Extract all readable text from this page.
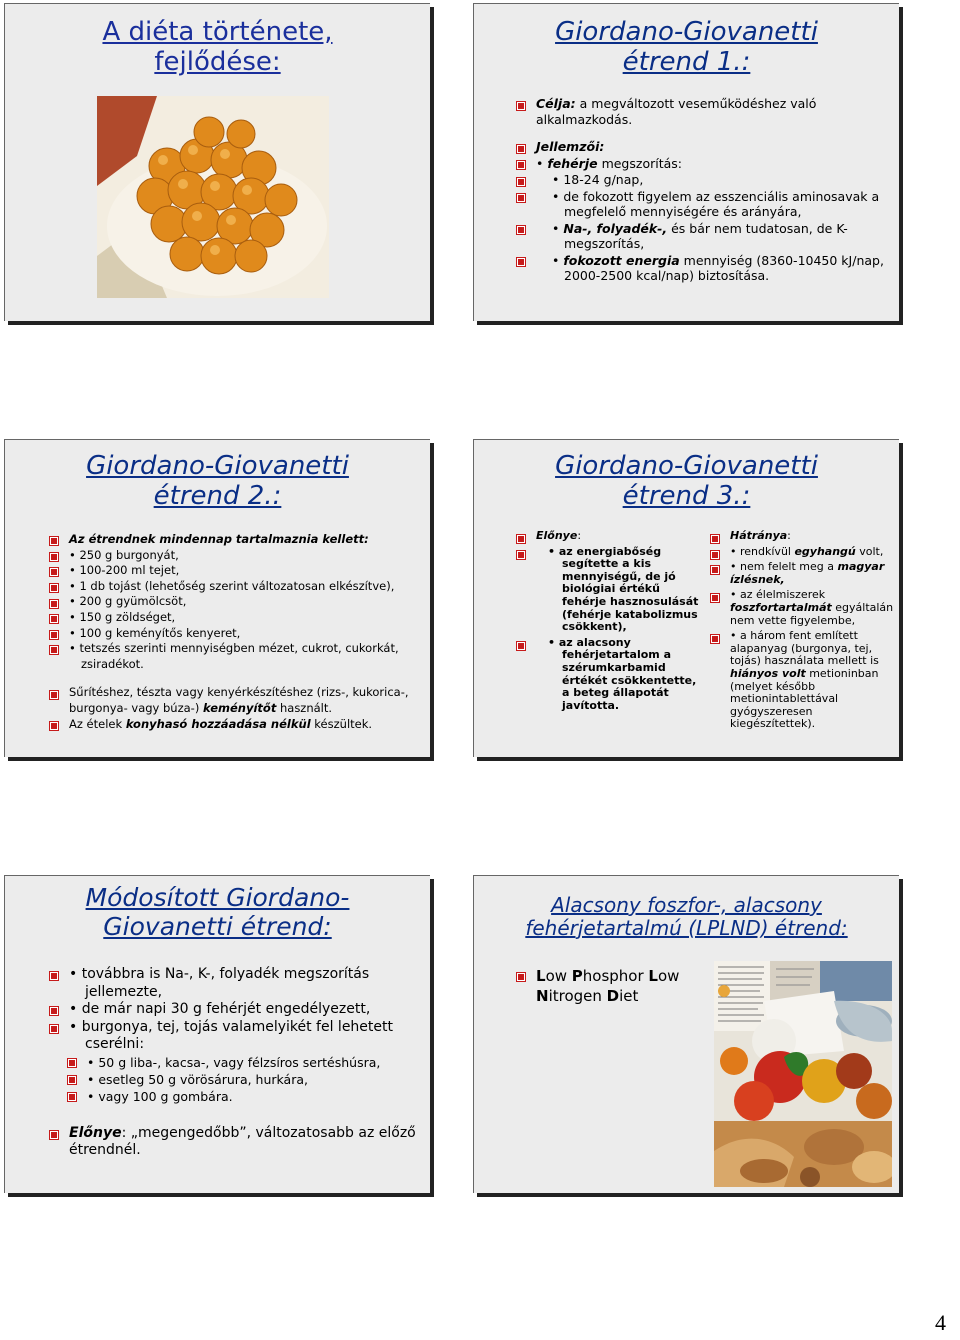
A diéta története,
fejlődése:
Giordano-Giovanetti
étrend 1.:
Célja: a megváltozott veseműködéshez való alkalmazkodás.
Jellemzői:
• fehérje megszorítás:
• 18-24 g/nap,
• de fokozott figyelem az esszenciális aminosavak a megfelelő mennyiségére és arányára,
• Na-, folyadék-, és bár nem tudatosan, de K-megszorítás,
• fokozott energia mennyiség (8360-10450 kJ/nap, 2000-2500 kcal/nap) biztosítása.
Giordano-Giovanetti
étrend 2.:
Az étrendnek mindennap tartalmaznia kellett:
• 250 g burgonyát,
• 100-200 ml tejet,
• 1 db tojást (lehetőség szerint változatosan elkészítve),
• 200 g gyümölcsöt,
• 150 g zöldséget,
• 100 g keményítős kenyeret,
• tetszés szerinti mennyiségben mézet, cukrot, cukorkát, zsiradékot.
Sűrítéshez, tészta vagy kenyérkészítéshez (rizs-, kukorica-, burgonya- vagy búza-) keményítőt használt.
Az ételek konyhasó hozzáadása nélkül készültek.
Giordano-Giovanetti
étrend 3.:
Előnye:
• az energiabőség segítette a kis mennyiségű, de jó biológiai értékű fehérje hasznosulását (fehérje katabolizmus csökkent),
• az alacsony fehérjetartalom a szérumkarbamid értékét csökkentette, a beteg állapotát javította.
Hátránya:
• rendkívül egyhangú volt,
• nem felelt meg a magyar ízlésnek,
• az élelmiszerek foszfortartalmát egyáltalán nem vette figyelembe,
• a három fent említett alapanyag (burgonya, tej, tojás) használata mellett is hiányos volt metioninban (melyet később metionintablettával gyógyszeresen kiegészítettek).
Módosított Giordano-
Giovanetti étrend:
• továbbra is Na-, K-, folyadék megszorítás jellemezte,
• de már napi 30 g fehérjét engedélyezett,
• burgonya, tej, tojás valamelyikét fel lehetett cserélni:
• 50 g liba-, kacsa-, vagy félzsíros sertéshúsra,
• esetleg 50 g vörösárura, hurkára,
• vagy 100 g gombára.
Előnye: „megengedőbb”, változatosabb az előző étrendnél.
Alacsony foszfor-, alacsony
fehérjetartalmú (LPLND) étrend:
Low Phosphor Low
Nitrogen Diet
4
